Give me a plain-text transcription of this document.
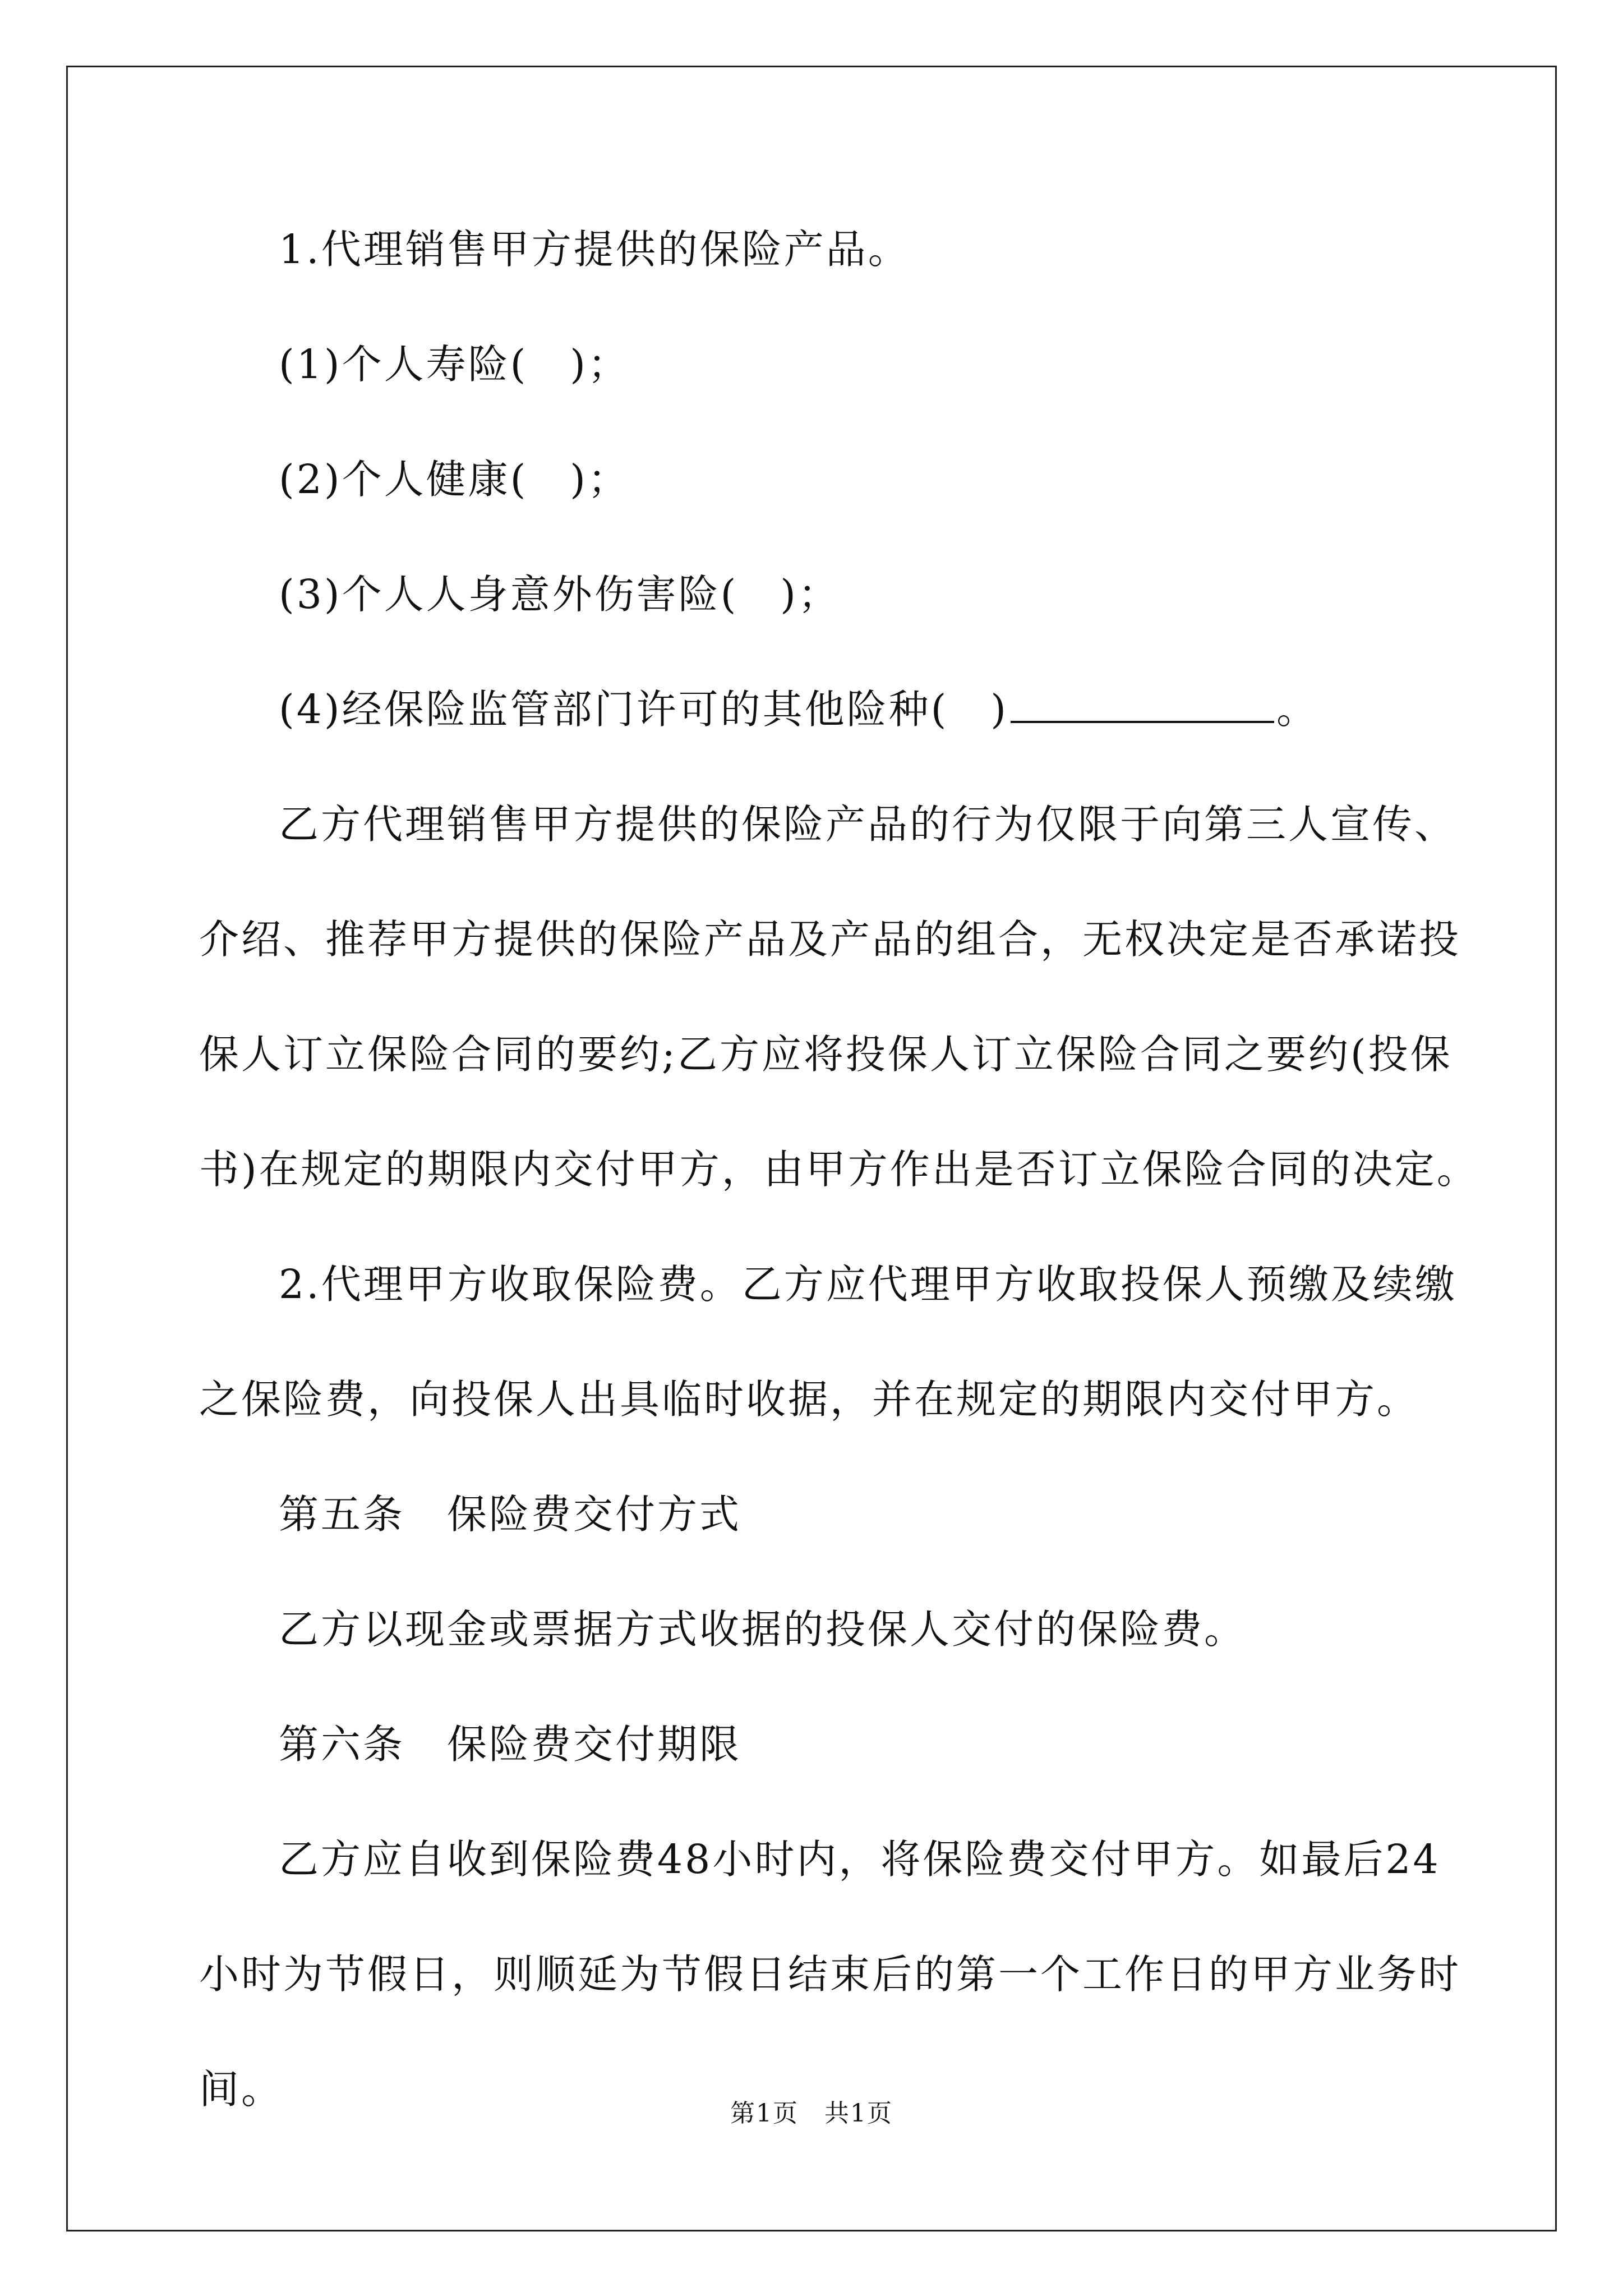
1.代理销售甲方提供的保险产品。
(1)个人寿险(　)；
(2)个人健康(　)；
(3)个人人身意外伤害险(　)；
(4)经保险监管部门许可的其他险种(　)	。
乙方代理销售甲方提供的保险产品的行为仅限于向第三人宣传、
介绍、推荐甲方提供的保险产品及产品的组合，无权决定是否承诺投
保人订立保险合同的要约;乙方应将投保人订立保险合同之要约(投保
书)在规定的期限内交付甲方，由甲方作出是否订立保险合同的决定。
2.代理甲方收取保险费。乙方应代理甲方收取投保人预缴及续缴
之保险费，向投保人出具临时收据，并在规定的期限内交付甲方。
第五条　保险费交付方式
乙方以现金或票据方式收据的投保人交付的保险费。
第六条　保险费交付期限
乙方应自收到保险费48小时内，将保险费交付甲方。如最后24
小时为节假日，则顺延为节假日结束后的第一个工作日的甲方业务时
间。
第1页　共1页
